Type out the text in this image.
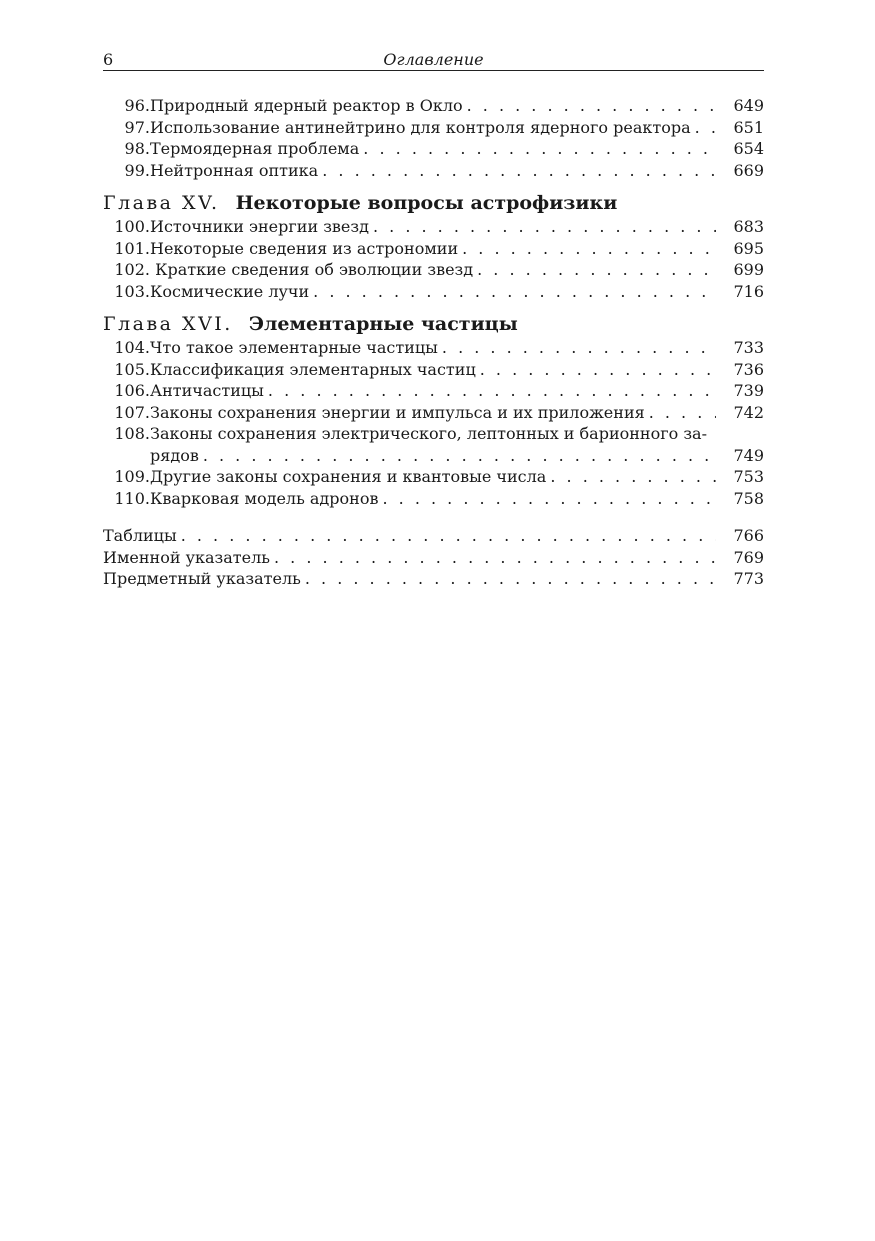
6	Оглавление
96. Природный ядерный реактор в Окло . . .	649
97. Использование антинейтрино для контроля ядерного реактора . . .	651
98. Термоядерная проблема . . .	654
99. Нейтронная оптика . . .	669
Глава XV. Некоторые вопросы астрофизики
100. Источники энергии звезд . . .	683
101. Некоторые сведения из астрономии . . .	695
102. Краткие сведения об эволюции звезд . . .	699
103. Космические лучи . . .	716
Глава XVI. Элементарные частицы
104. Что такое элементарные частицы . . .	733
105. Классификация элементарных частиц . . .	736
106. Античастицы . . .	739
107. Законы сохранения энергии и импульса и их приложения . . .	742
108. Законы сохранения электрического, лептонных и барионного за-
рядов . . .	749
109. Другие законы сохранения и квантовые числа . . .	753
110. Кварковая модель адронов . . .	758
Таблицы . . .	766
Именной указатель . . .	769
Предметный указатель . . .	773
